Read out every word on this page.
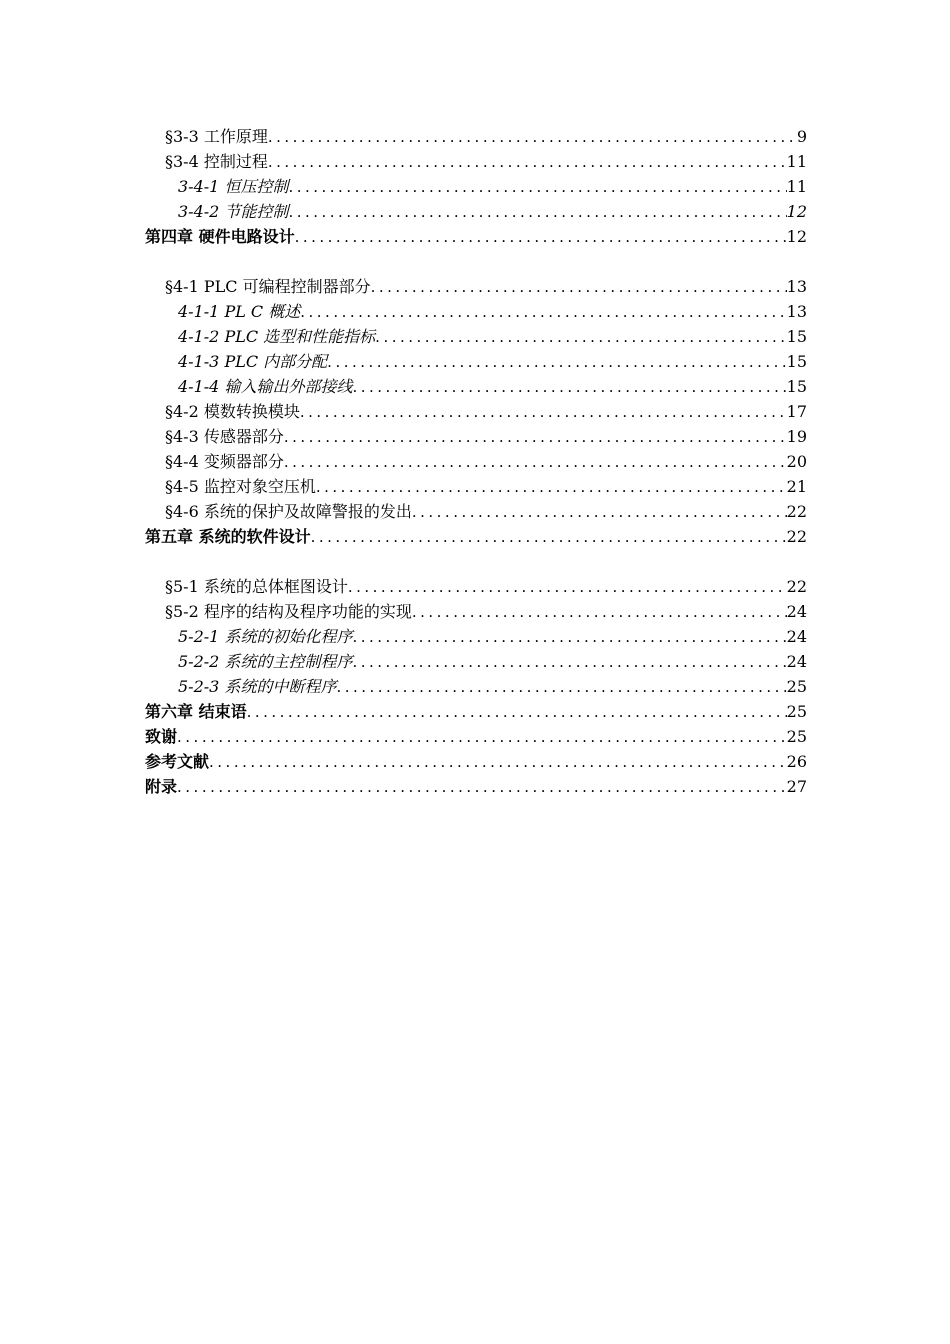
§3-3 工作原理 .....	9
§3-4 控制过程 .....	11
3-4-1 恒压控制 .....	11
3-4-2 节能控制 .....	12
第四章 硬件电路设计 .....	12
§4-1 PLC 可编程控制器部分 .....	13
4-1-1 PL C 概述 .....	13
4-1-2 PLC 选型和性能指标 .....	15
4-1-3 PLC 内部分配 .....	15
4-1-4 输入输出外部接线 .....	15
§4-2 模数转换模块 .....	17
§4-3 传感器部分 .....	19
§4-4 变频器部分 .....	20
§4-5 监控对象空压机 .....	21
§4-6 系统的保护及故障警报的发出 .....	22
第五章 系统的软件设计 .....	22
§5-1 系统的总体框图设计 .....	22
§5-2 程序的结构及程序功能的实现 .....	24
5-2-1 系统的初始化程序 .....	24
5-2-2 系统的主控制程序 .....	24
5-2-3 系统的中断程序 .....	25
第六章 结束语 .....	25
致谢 .....	25
参考文献 .....	26
附录 .....	27
